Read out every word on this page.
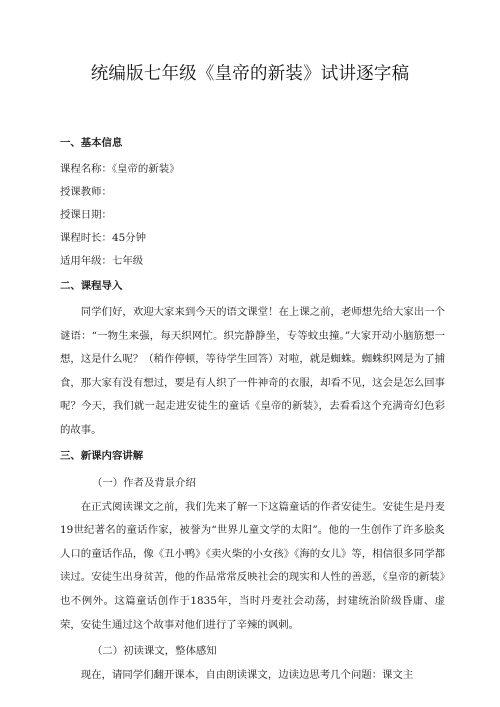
统编版七年级《皇帝的新装》试讲逐字稿
一、基本信息
课程名称：《皇帝的新装》
授课教师：
授课日期：
课程时长：45分钟
适用年级：七年级
二、课程导入

同学们好，欢迎大家来到今天的语文课堂！在上课之前，老师想先给大家出一个谜语：“一物生来强，每天织网忙。织完静静坐，专等蚊虫撞。”大家开动小脑筋想一想，这是什么呢？（稍作停顿，等待学生回答）对啦，就是蜘蛛。蜘蛛织网是为了捕食，那大家有没有想过，要是有人织了一件神奇的衣服，却看不见，这会是怎么回事呢？今天，我们就一起走进安徒生的童话《皇帝的新装》，去看看这个充满奇幻色彩的故事。

三、新课内容讲解
（一）作者及背景介绍

在正式阅读课文之前，我们先来了解一下这篇童话的作者安徒生。安徒生是丹麦19世纪著名的童话作家，被誉为“世界儿童文学的太阳”。他的一生创作了许多脍炙人口的童话作品，像《丑小鸭》《卖火柴的小女孩》《海的女儿》等，相信很多同学都读过。安徒生出身贫苦，他的作品常常反映社会的现实和人性的善恶，《皇帝的新装》也不例外。这篇童话创作于1835年，当时丹麦社会动荡，封建统治阶级昏庸、虚荣，安徒生通过这个故事对他们进行了辛辣的讽刺。

（二）初读课文，整体感知

现在，请同学们翻开课本，自由朗读课文，边读边思考几个问题：课文主
